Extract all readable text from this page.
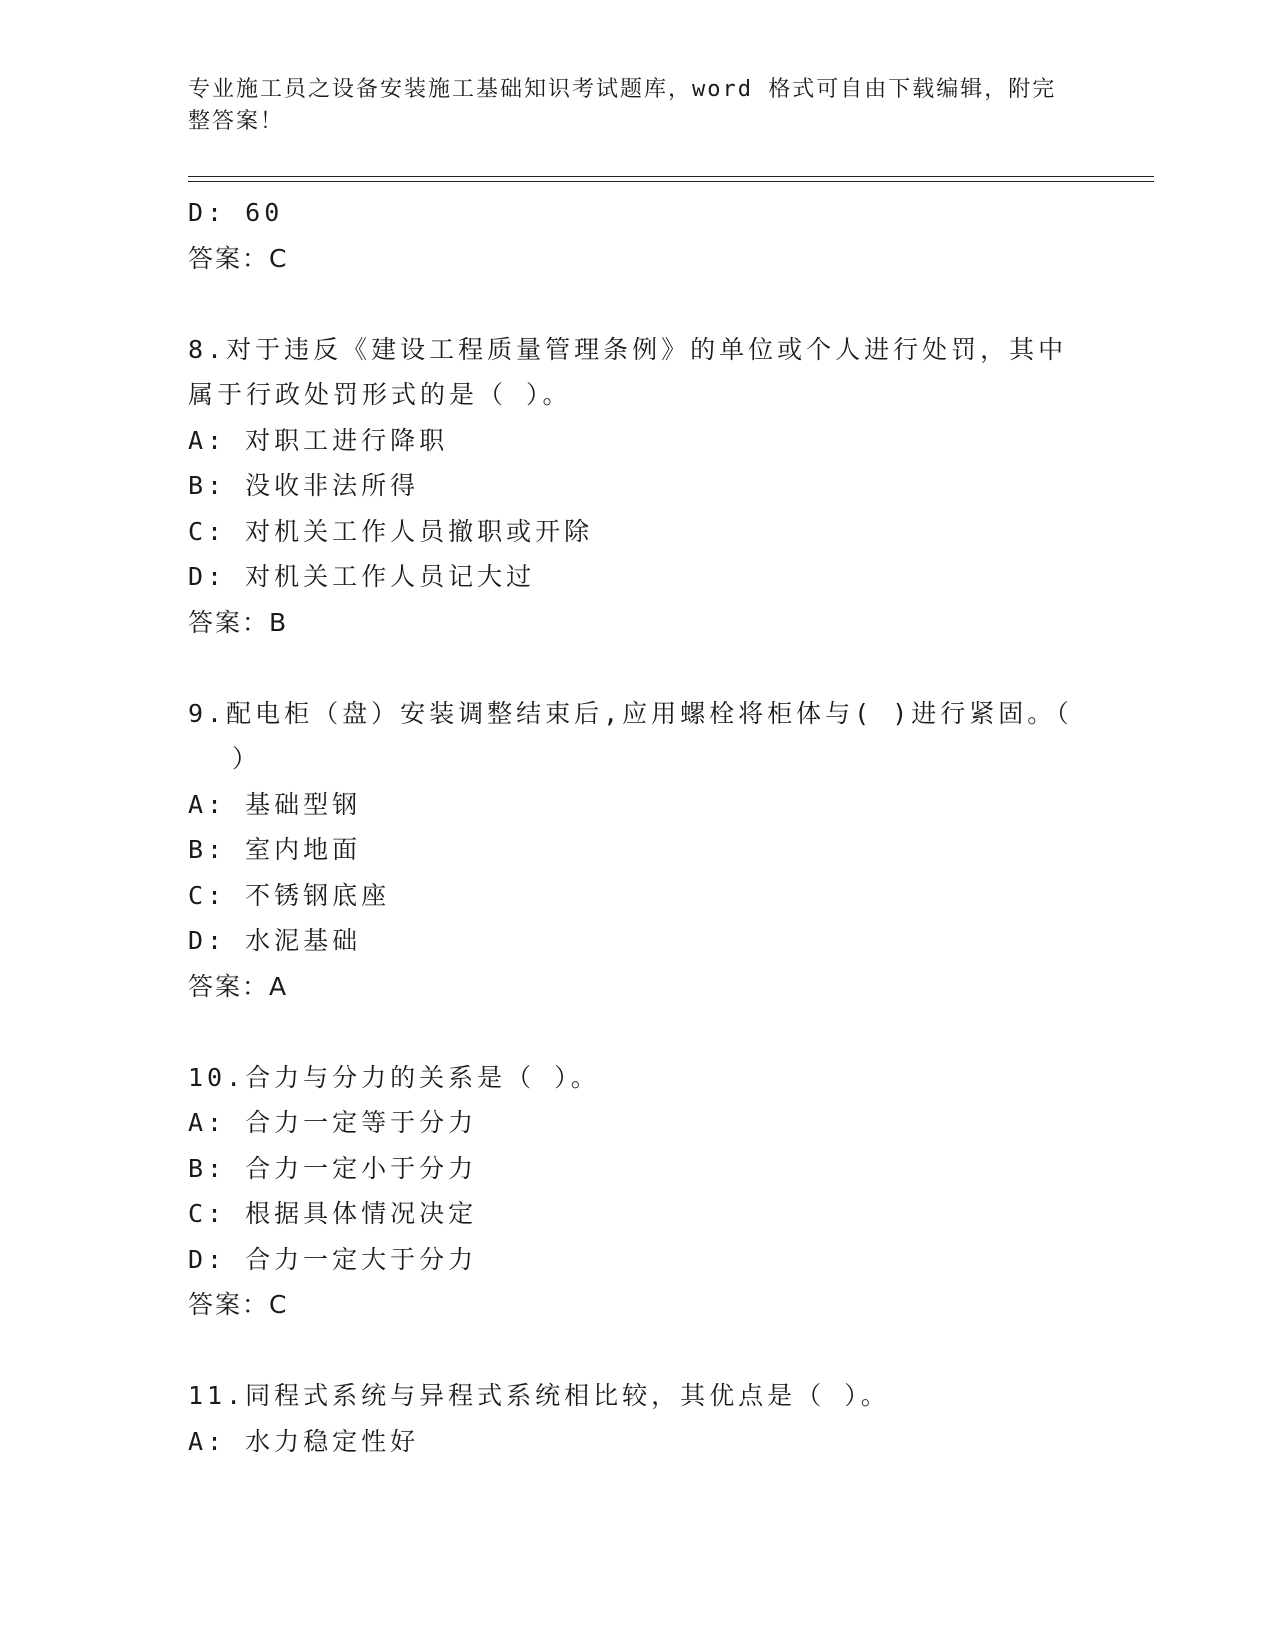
专业施工员之设备安装施工基础知识考试题库，word 格式可自由下载编辑，附完
整答案！
D: 60
答案：C
8.对于违反《建设工程质量管理条例》的单位或个人进行处罚，其中
属于行政处罚形式的是（ ）。
A: 对职工进行降职
B: 没收非法所得
C: 对机关工作人员撤职或开除
D: 对机关工作人员记大过
答案：B
9.配电柜（盘）安装调整结束后,应用螺栓将柜体与( )进行紧固。（
）
A: 基础型钢
B: 室内地面
C: 不锈钢底座
D: 水泥基础
答案：A
10.合力与分力的关系是（ ）。
A: 合力一定等于分力
B: 合力一定小于分力
C: 根据具体情况决定
D: 合力一定大于分力
答案：C
11.同程式系统与异程式系统相比较，其优点是（ ）。
A: 水力稳定性好
